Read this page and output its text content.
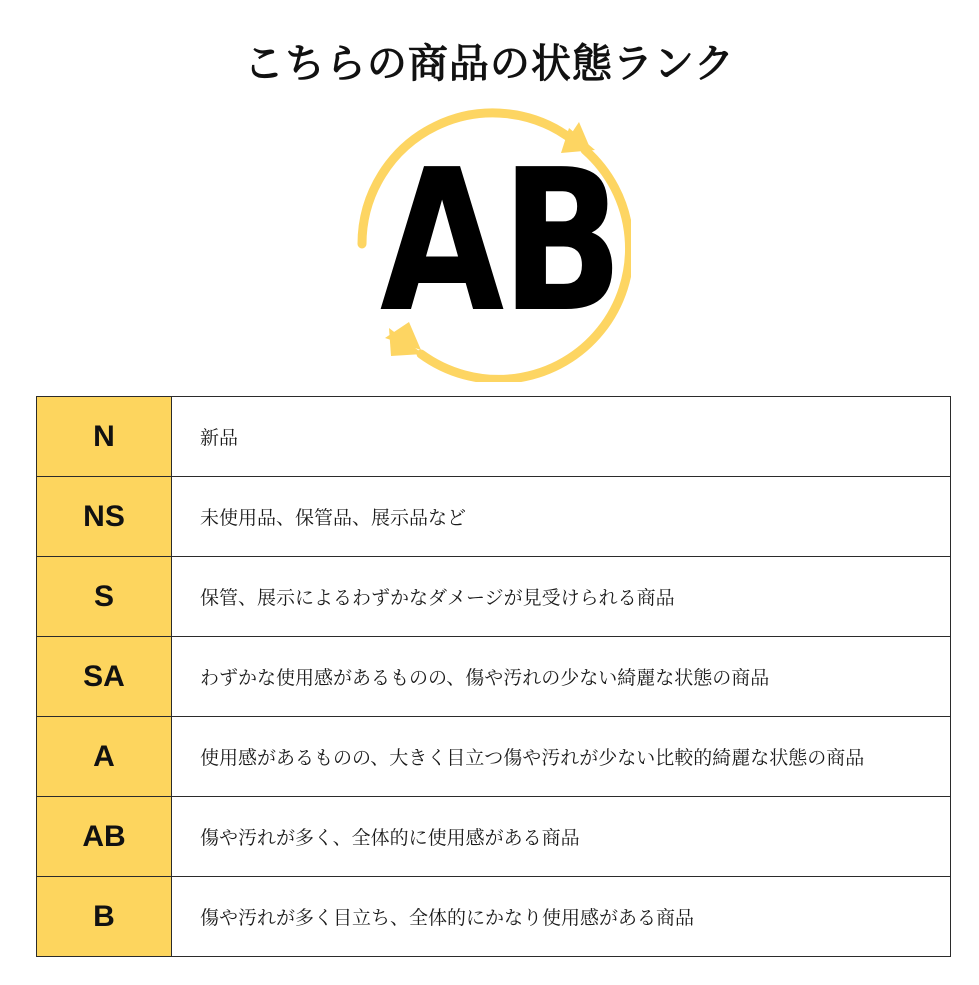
こちらの商品の状態ランク
AB
N	新品
NS	未使用品、保管品、展示品など
S	保管、展示によるわずかなダメージが見受けられる商品
SA	わずかな使用感があるものの、傷や汚れの少ない綺麗な状態の商品
A	使用感があるものの、大きく目立つ傷や汚れが少ない比較的綺麗な状態の商品
AB	傷や汚れが多く、全体的に使用感がある商品
B	傷や汚れが多く目立ち、全体的にかなり使用感がある商品
